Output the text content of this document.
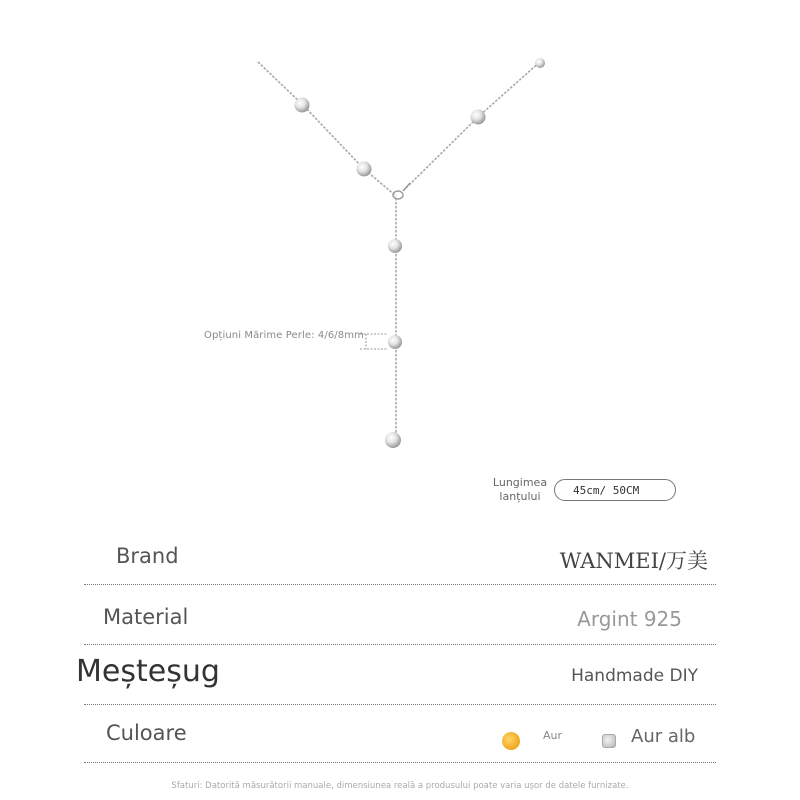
Opțiuni Mărime Perle: 4/6/8mm
Lungimea
lanțului	45cm/ 50CM
Brand	WANMEI/万美
Material	Argint 925
Meșteșug	Handmade DIY
Culoare	Aur	Aur alb
Sfaturi: Datorită măsurătorii manuale, dimensiunea reală a produsului poate varia ușor de datele furnizate.
